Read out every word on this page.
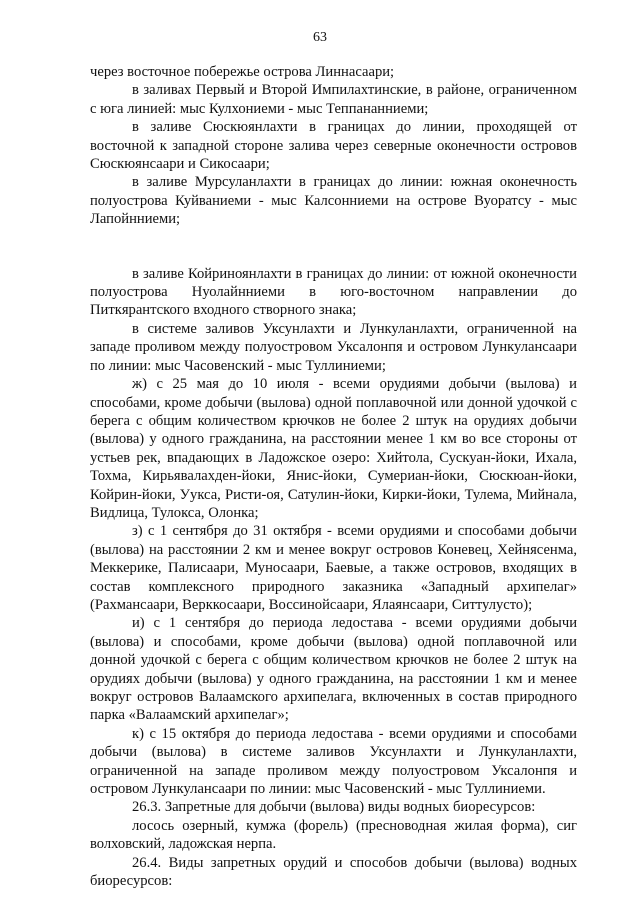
63

через восточное побережье острова Линнасаари;

в заливах Первый и Второй Импилахтинские, в районе, ограниченном с юга линией: мыс Кулхониеми - мыс Теппананниеми;

в заливе Сюскюянлахти в границах до линии, проходящей от восточной к западной стороне залива через северные оконечности островов Сюскюянсаари и Сикосаари;

в заливе Мурсуланлахти в границах до линии: южная оконечность полуострова Куйваниеми - мыс Калсонниеми на острове Вуоратсу - мыс Лапойнниеми;

в заливе Койриноянлахти в границах до линии: от южной оконечности полуострова Нуолайнниеми в юго-восточном направлении до Питкярантского входного створного знака;

в системе заливов Уксунлахти и Лункуланлахти, ограниченной на западе проливом между полуостровом Уксалонпя и островом Лункулансаари по линии: мыс Часовенский - мыс Туллиниеми;

ж) с 25 мая до 10 июля - всеми орудиями добычи (вылова) и способами, кроме добычи (вылова) одной поплавочной или донной удочкой с берега с общим количеством крючков не более 2 штук на орудиях добычи (вылова) у одного гражданина, на расстоянии менее 1 км во все стороны от устьев рек, впадающих в Ладожское озеро: Хийтола, Сускуан-йоки, Ихала, Тохма, Кирьявалахден-йоки, Янис-йоки, Сумериан-йоки, Сюскюан-йоки, Койрин-йоки, Уукса, Ристи-оя, Сатулин-йоки, Кирки-йоки, Тулема, Мийнала, Видлица, Тулокса, Олонка;

з) с 1 сентября до 31 октября - всеми орудиями и способами добычи (вылова) на расстоянии 2 км и менее вокруг островов Коневец, Хейнясенма, Меккерике, Палисаари, Муносаари, Баевые, а также островов, входящих в состав комплексного природного заказника «Западный архипелаг» (Рахмансаари, Верккосаари, Воссинойсаари, Ялаянсаари, Ситтулусто);

и) с 1 сентября до периода ледостава - всеми орудиями добычи (вылова) и способами, кроме добычи (вылова) одной поплавочной или донной удочкой с берега с общим количеством крючков не более 2 штук на орудиях добычи (вылова) у одного гражданина, на расстоянии 1 км и менее вокруг островов Валаамского архипелага, включенных в состав природного парка «Валаамский архипелаг»;

к) с 15 октября до периода ледостава - всеми орудиями и способами добычи (вылова) в системе заливов Уксунлахти и Лункуланлахти, ограниченной на западе проливом между полуостровом Уксалонпя и островом Лункулансаари по линии: мыс Часовенский - мыс Туллиниеми.

26.3. Запретные для добычи (вылова) виды водных биоресурсов:

лосось озерный, кумжа (форель) (пресноводная жилая форма), сиг волховский, ладожская нерпа.

26.4. Виды запретных орудий и способов добычи (вылова) водных биоресурсов:
